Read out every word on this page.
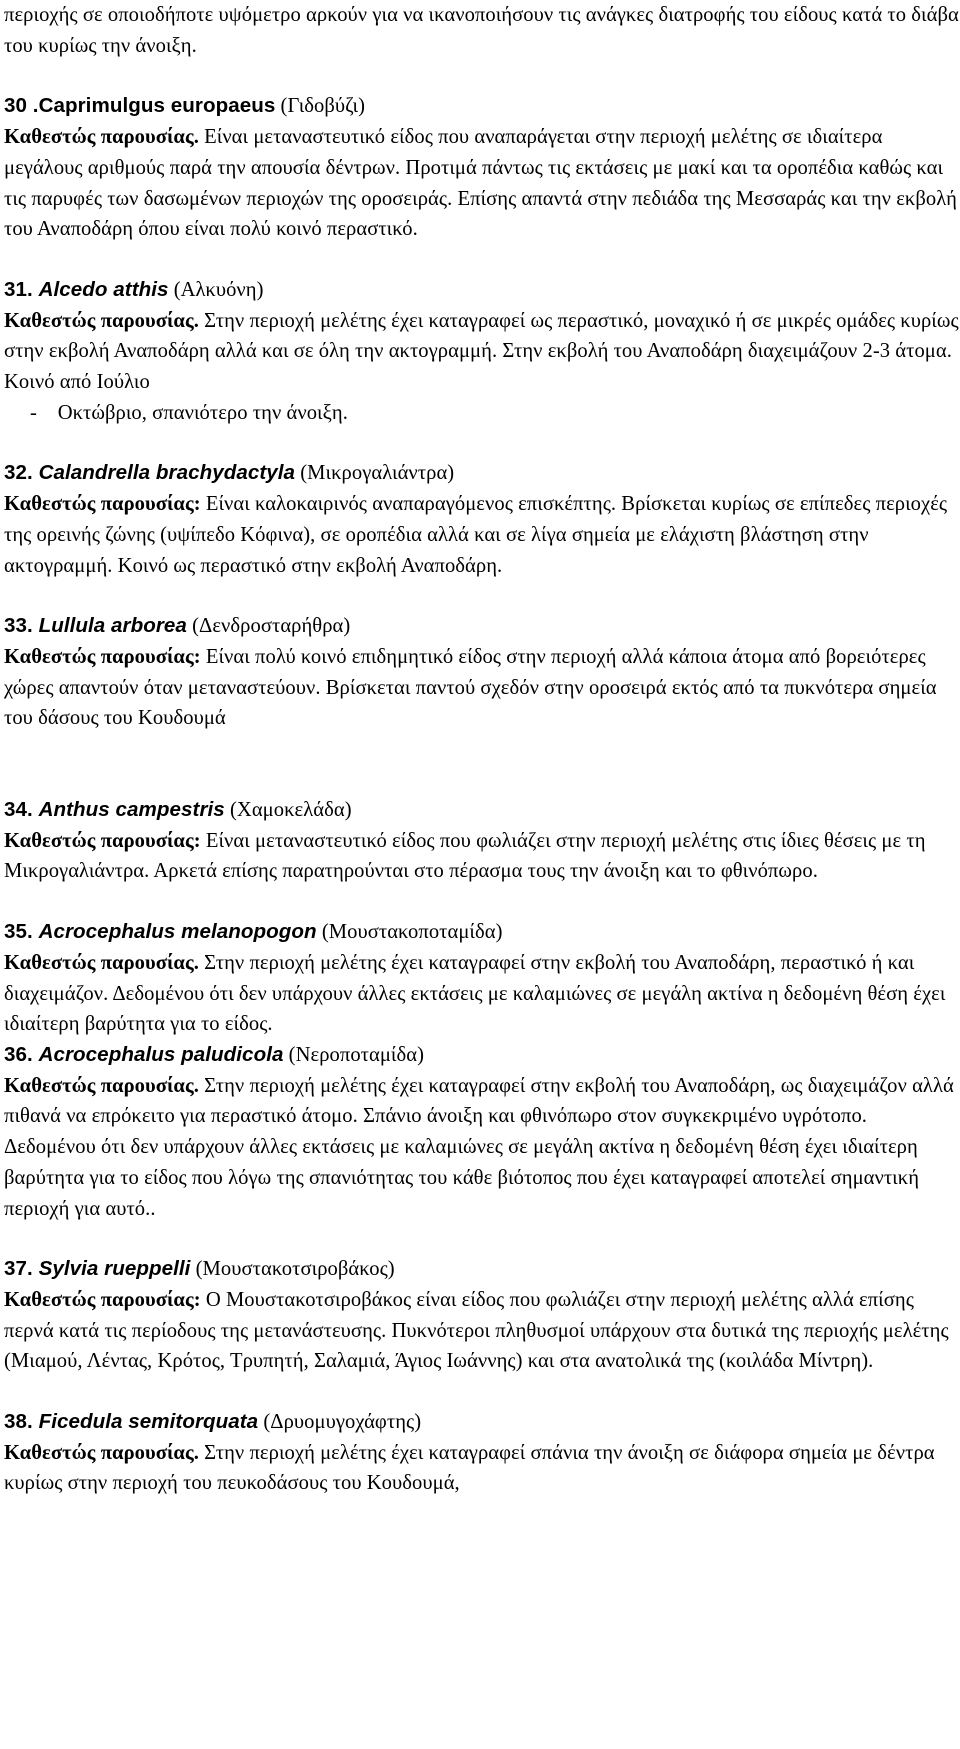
περιοχής σε οποιοδήποτε υψόμετρο αρκούν για να ικανοποιήσουν τις ανάγκες διατροφής του είδους κατά το διάβα του κυρίως την άνοιξη.

30 .Caprimulgus europaeus (Γιδοβύζι)
Καθεστώς παρουσίας. Είναι μεταναστευτικό είδος που αναπαράγεται στην περιοχή μελέτης σε ιδιαίτερα μεγάλους αριθμούς παρά την απουσία δέντρων. Προτιμά πάντως τις εκτάσεις με μακί και τα οροπέδια καθώς και τις παρυφές των δασωμένων περιοχών της οροσειράς. Επίσης απαντά στην πεδιάδα της Μεσσαράς και την εκβολή του Αναποδάρη όπου είναι πολύ κοινό περαστικό.
31. Alcedo atthis (Αλκυόνη)
Καθεστώς παρουσίας. Στην περιοχή μελέτης έχει καταγραφεί ως περαστικό, μοναχικό ή σε μικρές ομάδες κυρίως στην εκβολή Αναποδάρη αλλά και σε όλη την ακτογραμμή. Στην εκβολή του Αναποδάρη διαχειμάζουν 2-3 άτομα. Κοινό από Ιούλιο
-    Οκτώβριο, σπανιότερο την άνοιξη.
32. Calandrella brachydactyla (Μικρογαλιάντρα)
Καθεστώς παρουσίας: Είναι καλοκαιρινός αναπαραγόμενος επισκέπτης. Βρίσκεται κυρίως σε επίπεδες περιοχές της ορεινής ζώνης (υψίπεδο Κόφινα), σε οροπέδια αλλά και σε λίγα σημεία με ελάχιστη βλάστηση στην ακτογραμμή. Κοινό ως περαστικό στην εκβολή Αναποδάρη.
33. Lullula arborea (Δενδροσταρήθρα)
Καθεστώς παρουσίας: Είναι πολύ κοινό επιδημητικό είδος στην περιοχή αλλά κάποια άτομα από βορειότερες χώρες απαντούν όταν μεταναστεύουν. Βρίσκεται παντού σχεδόν στην οροσειρά εκτός από τα πυκνότερα σημεία του δάσους του Κουδουμά
34. Anthus campestris (Χαμοκελάδα)
Καθεστώς παρουσίας: Είναι μεταναστευτικό είδος που φωλιάζει στην περιοχή μελέτης στις ίδιες θέσεις με τη Μικρογαλιάντρα. Αρκετά επίσης παρατηρούνται στο πέρασμα τους την άνοιξη και το φθινόπωρο.
35. Acrocephalus melanopogon (Μουστακοποταμίδα)
Καθεστώς παρουσίας. Στην περιοχή μελέτης έχει καταγραφεί στην εκβολή του Αναποδάρη, περαστικό ή και διαχειμάζον. Δεδομένου ότι δεν υπάρχουν άλλες εκτάσεις με καλαμιώνες σε μεγάλη ακτίνα η δεδομένη θέση έχει ιδιαίτερη βαρύτητα για το είδος.
36. Acrocephalus paludicola (Νεροποταμίδα)
Καθεστώς παρουσίας. Στην περιοχή μελέτης έχει καταγραφεί στην εκβολή του Αναποδάρη, ως διαχειμάζον αλλά πιθανά να επρόκειτο για περαστικό άτομο. Σπάνιο άνοιξη και φθινόπωρο στον συγκεκριμένο υγρότοπο. Δεδομένου ότι δεν υπάρχουν άλλες εκτάσεις με καλαμιώνες σε μεγάλη ακτίνα η δεδομένη θέση έχει ιδιαίτερη βαρύτητα για το είδος που λόγω της σπανιότητας του κάθε βιότοπος που έχει καταγραφεί αποτελεί σημαντική περιοχή για αυτό..
37. Sylvia rueppelli (Μουστακοτσιροβάκος)
Καθεστώς παρουσίας: Ο Μουστακοτσιροβάκος είναι είδος που φωλιάζει στην περιοχή μελέτης αλλά επίσης περνά κατά τις περίοδους της μετανάστευσης. Πυκνότεροι πληθυσμοί υπάρχουν στα δυτικά της περιοχής μελέτης (Μιαμού, Λέντας, Κρότος, Τρυπητή, Σαλαμιά, Άγιος Ιωάννης) και στα ανατολικά της (κοιλάδα Μίντρη).
38. Ficedula semitorquata (Δρυομυγοχάφτης)
Καθεστώς παρουσίας. Στην περιοχή μελέτης έχει καταγραφεί σπάνια την άνοιξη σε διάφορα σημεία με δέντρα κυρίως στην περιοχή του πευκοδάσους του Κουδουμά,
